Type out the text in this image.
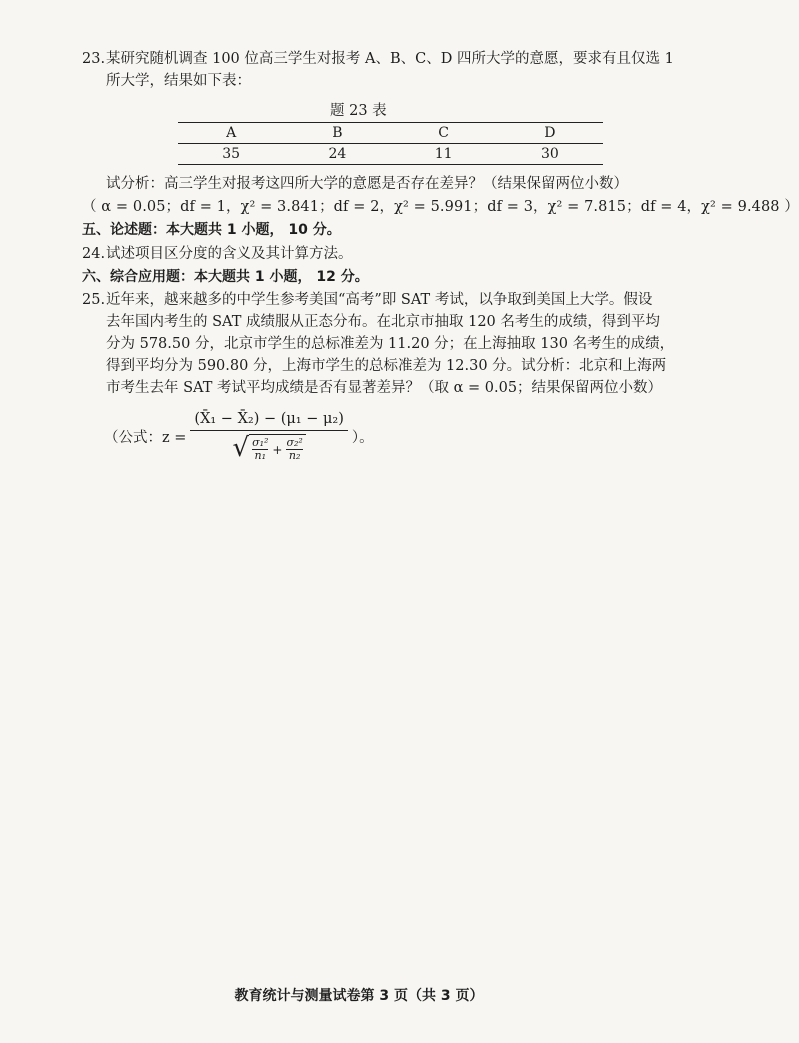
23.某研究随机调查 100 位高三学生对报考 A、B、C、D 四所大学的意愿，要求有且仅选 1
所大学，结果如下表：
题 23 表
A	B	C	D
35	24	11	30
试分析：高三学生对报考这四所大学的意愿是否存在差异？（结果保留两位小数）
（ α = 0.05；df = 1，χ² = 3.841；df = 2，χ² = 5.991；df = 3，χ² = 7.815；df = 4，χ² = 9.488 ）
五、论述题：本大题共 1 小题， 10 分。
24.试述项目区分度的含义及其计算方法。
六、综合应用题：本大题共 1 小题， 12 分。
25.近年来，越来越多的中学生参考美国“高考”即 SAT 考试，以争取到美国上大学。假设
去年国内考生的 SAT 成绩服从正态分布。在北京市抽取 120 名考生的成绩，得到平均
分为 578.50 分，北京市学生的总标准差为 11.20 分；在上海抽取 130 名考生的成绩，
得到平均分为 590.80 分，上海市学生的总标准差为 12.30 分。试分析：北京和上海两
市考生去年 SAT 考试平均成绩是否有显著差异？（取 α = 0.05；结果保留两位小数）
（公式：z =
(X̄₁ − X̄₂) − (μ₁ − μ₂)
√ σ₁²
$n_1 + \frac{\text{σ₂²}}{\text{n₂}}$	）。
教育统计与测量试卷第 3 页（共 3 页）
